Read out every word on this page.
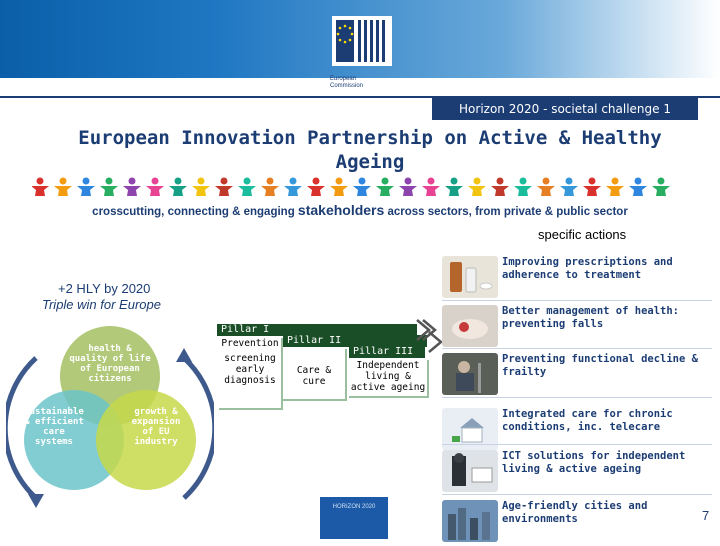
European
Commission
Horizon 2020 - societal challenge 1
European Innovation Partnership on Active & Healthy
Ageing
crosscutting, connecting & engaging stakeholders across sectors, from private & public sector
specific actions
+2 HLY by 2020
Triple win for Europe
health &
quality of life
of European
citizens
sustainable
& efficient
care
systems
growth &
expansion
of EU
industry
Pillar I
Prevention
screening
early
diagnosis
Pillar II
Care &
cure
Pillar III
Independent
living &
active ageing
Improving prescriptions and adherence to treatment
Better management of health: preventing falls
Preventing functional decline & frailty
Integrated care for chronic conditions, inc. telecare
ICT solutions for independent living & active ageing
Age-friendly cities and environments
HORIZON 2020
7
